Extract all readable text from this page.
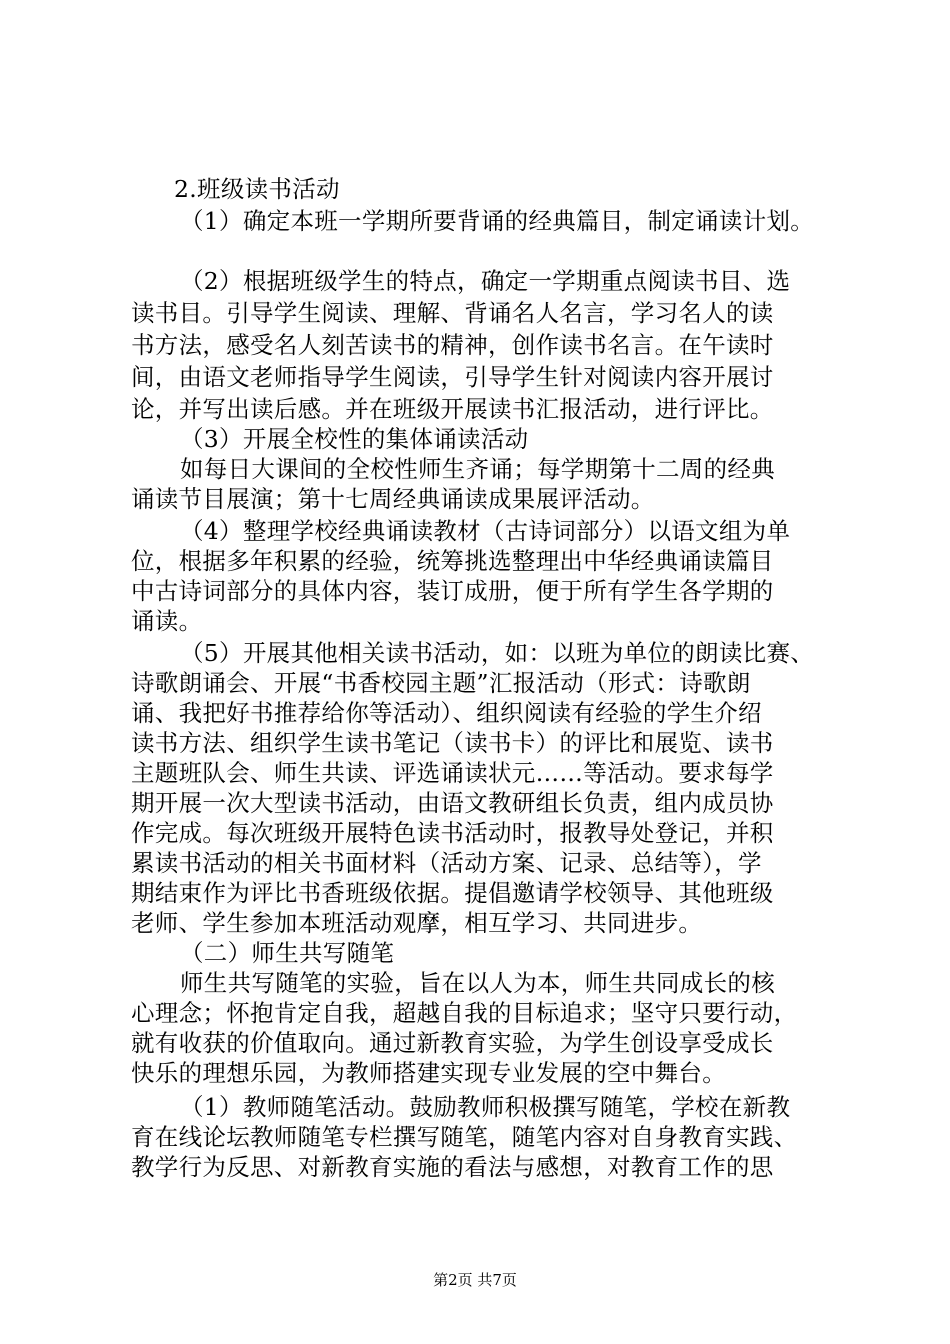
2.班级读书活动
（1）确定本班一学期所要背诵的经典篇目，制定诵读计划。
（2）根据班级学生的特点，确定一学期重点阅读书目、选
读书目。引导学生阅读、理解、背诵名人名言，学习名人的读
书方法，感受名人刻苦读书的精神，创作读书名言。在午读时
间，由语文老师指导学生阅读，引导学生针对阅读内容开展讨
论，并写出读后感。并在班级开展读书汇报活动，进行评比。
（3）开展全校性的集体诵读活动
如每日大课间的全校性师生齐诵；每学期第十二周的经典
诵读节目展演；第十七周经典诵读成果展评活动。
（4）整理学校经典诵读教材（古诗词部分）以语文组为单
位，根据多年积累的经验，统筹挑选整理出中华经典诵读篇目
中古诗词部分的具体内容，装订成册，便于所有学生各学期的
诵读。
（5）开展其他相关读书活动，如：以班为单位的朗读比赛、
诗歌朗诵会、开展“书香校园主题”汇报活动（形式：诗歌朗
诵、我把好书推荐给你等活动）、组织阅读有经验的学生介绍
读书方法、组织学生读书笔记（读书卡）的评比和展览、读书
主题班队会、师生共读、评选诵读状元……等活动。要求每学
期开展一次大型读书活动，由语文教研组长负责，组内成员协
作完成。每次班级开展特色读书活动时，报教导处登记，并积
累读书活动的相关书面材料（活动方案、记录、总结等），学
期结束作为评比书香班级依据。提倡邀请学校领导、其他班级
老师、学生参加本班活动观摩，相互学习、共同进步。
（二）师生共写随笔
师生共写随笔的实验，旨在以人为本，师生共同成长的核
心理念；怀抱肯定自我，超越自我的目标追求；坚守只要行动，
就有收获的价值取向。通过新教育实验，为学生创设享受成长
快乐的理想乐园，为教师搭建实现专业发展的空中舞台。
（1）教师随笔活动。鼓励教师积极撰写随笔，学校在新教
育在线论坛教师随笔专栏撰写随笔，随笔内容对自身教育实践、
教学行为反思、对新教育实施的看法与感想，对教育工作的思
第2页 共7页
